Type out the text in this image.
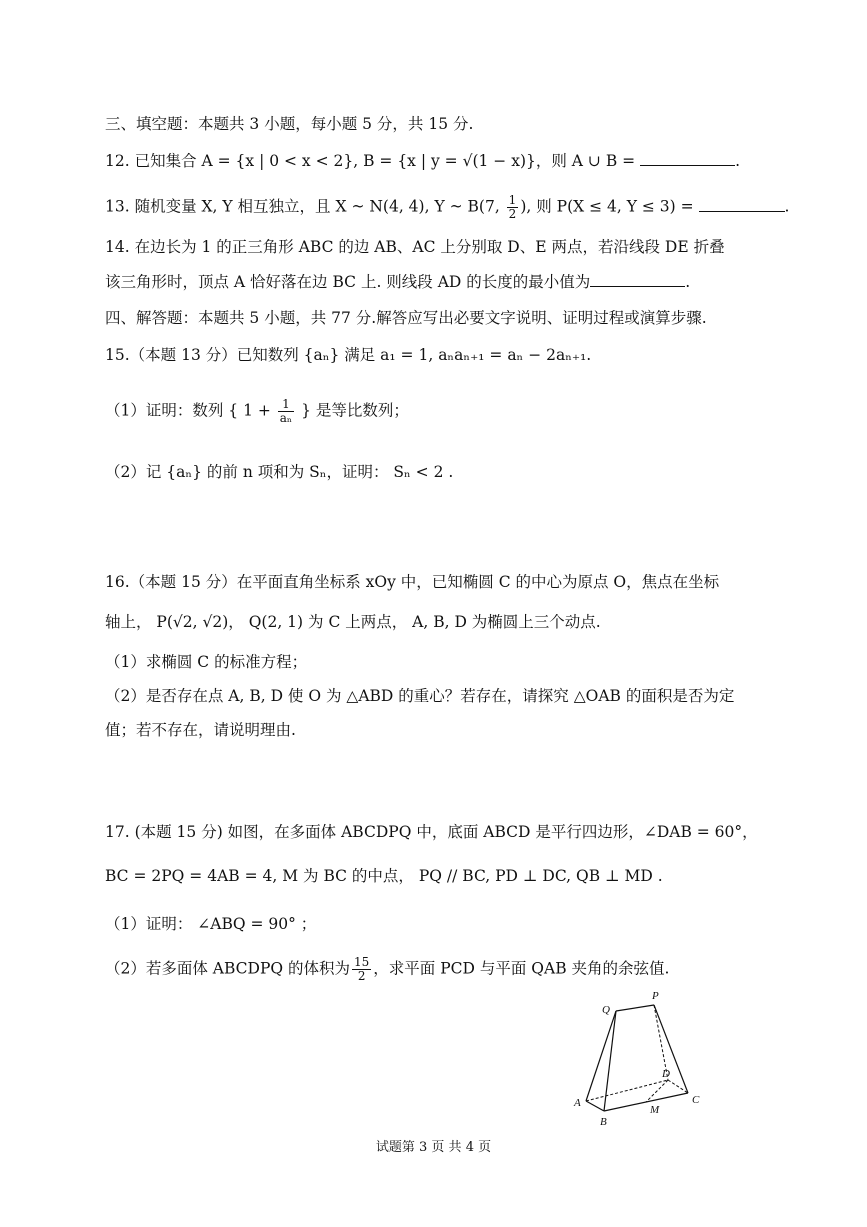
三、填空题：本题共 3 小题，每小题 5 分，共 15 分.
12. 已知集合 A = {x | 0 < x < 2}, B = {x | y = √(1 − x)}，则 A ∪ B =	.
13. 随机变量 X, Y 相互独立，且 X ~ N(4, 4), Y ~ B(7, $\frac{1}{2}$ ), 则 P(X ≤ 4, Y ≤ 3) =	.
14. 在边长为 1 的正三角形 ABC 的边 AB、AC 上分别取 D、E 两点，若沿线段 DE 折叠
该三角形时，顶点 A 恰好落在边 BC 上. 则线段 AD 的长度的最小值为	.
四、解答题：本题共 5 小题，共 77 分.解答应写出必要文字说明、证明过程或演算步骤.
15.（本题 13 分）已知数列 {aₙ} 满足 a₁ = 1, aₙaₙ₊₁ = aₙ − 2aₙ₊₁.
（1）证明：数列 { $1 + \frac{1}{\text{aₙ}}$ } 是等比数列；
（2）记 {aₙ} 的前 n 项和为 Sₙ，证明： Sₙ < 2 .
16.（本题 15 分）在平面直角坐标系 xOy 中，已知椭圆 C 的中心为原点 O，焦点在坐标
轴上， P(√2, √2)， Q(2, 1) 为 C 上两点， A, B, D 为椭圆上三个动点.
（1）求椭圆 C 的标准方程；
（2）是否存在点 A, B, D 使 O 为 △ABD 的重心？若存在，请探究 △OAB 的面积是否为定
值；若不存在，请说明理由.
17. (本题 15 分) 如图，在多面体 ABCDPQ 中，底面 ABCD 是平行四边形，∠DAB = 60°，
BC = 2PQ = 4AB = 4, M 为 BC 的中点， PQ // BC, PD ⊥ DC, QB ⊥ MD .
（1）证明： ∠ABQ = 90° ；
（2）若多面体 ABCDPQ 的体积为 $\frac{15}{2}$ ，求平面 PCD 与平面 QAB 夹角的余弦值.
P
Q
A
B
C
D
M
试题第 3 页 共 4 页
